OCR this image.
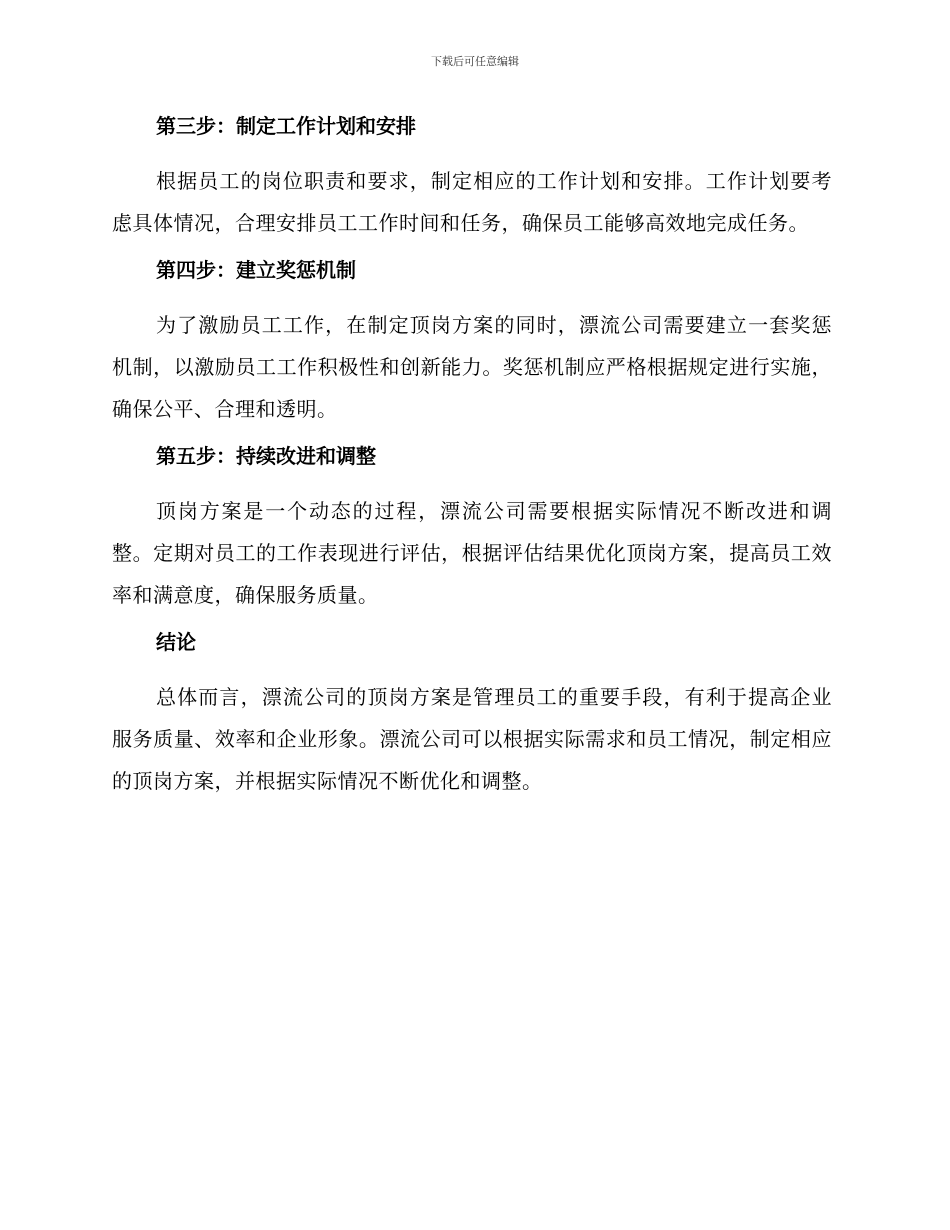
下载后可任意编辑
第三步：制定工作计划和安排

根据员工的岗位职责和要求，制定相应的工作计划和安排。工作计划要考虑具体情况，合理安排员工工作时间和任务，确保员工能够高效地完成任务。

第四步：建立奖惩机制

为了激励员工工作，在制定顶岗方案的同时，漂流公司需要建立一套奖惩机制，以激励员工工作积极性和创新能力。奖惩机制应严格根据规定进行实施，确保公平、合理和透明。

第五步：持续改进和调整

顶岗方案是一个动态的过程，漂流公司需要根据实际情况不断改进和调整。定期对员工的工作表现进行评估，根据评估结果优化顶岗方案，提高员工效率和满意度，确保服务质量。

结论

总体而言，漂流公司的顶岗方案是管理员工的重要手段，有利于提高企业服务质量、效率和企业形象。漂流公司可以根据实际需求和员工情况，制定相应的顶岗方案，并根据实际情况不断优化和调整。
